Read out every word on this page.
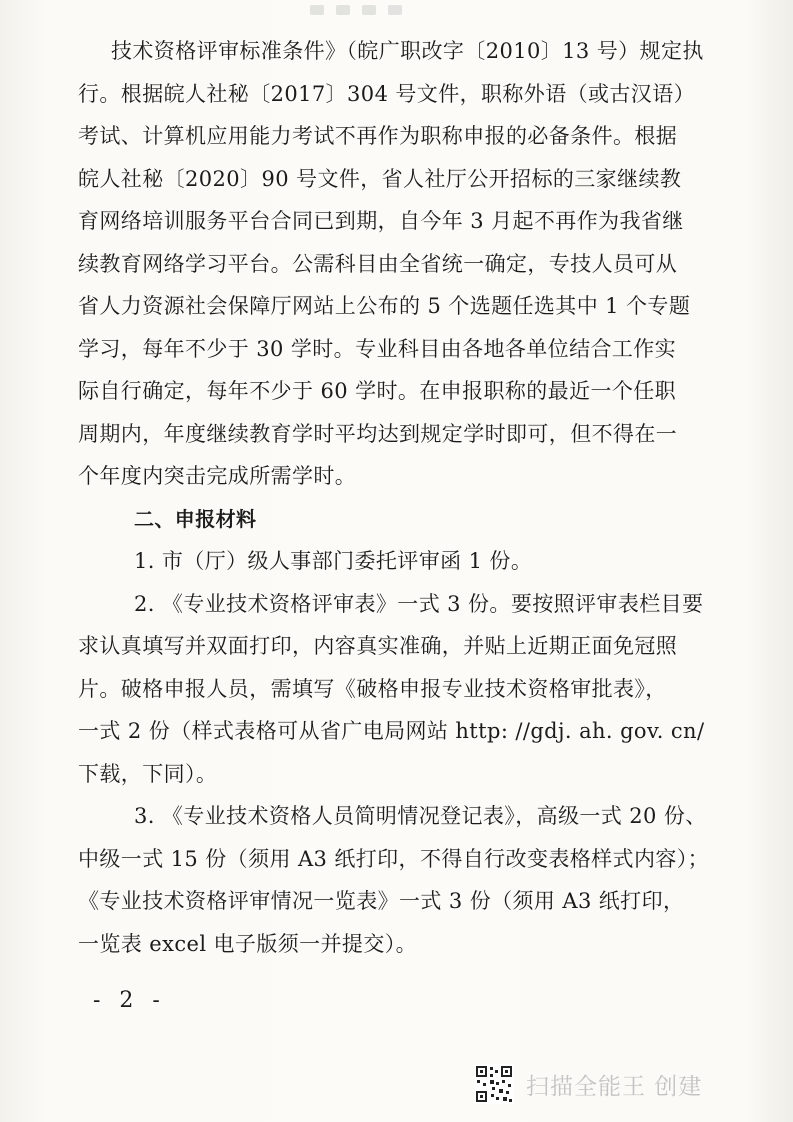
技术资格评审标准条件》（皖广职改字〔2010〕13 号）规定执
行。根据皖人社秘〔2017〕304 号文件，职称外语（或古汉语）
考试、计算机应用能力考试不再作为职称申报的必备条件。根据
皖人社秘〔2020〕90 号文件，省人社厅公开招标的三家继续教
育网络培训服务平台合同已到期，自今年 3 月起不再作为我省继
续教育网络学习平台。公需科目由全省统一确定，专技人员可从
省人力资源社会保障厅网站上公布的 5 个选题任选其中 1 个专题
学习，每年不少于 30 学时。专业科目由各地各单位结合工作实
际自行确定，每年不少于 60 学时。在申报职称的最近一个任职
周期内，年度继续教育学时平均达到规定学时即可，但不得在一
个年度内突击完成所需学时。
二、申报材料
1. 市（厅）级人事部门委托评审函 1 份。
2. 《专业技术资格评审表》一式 3 份。要按照评审表栏目要
求认真填写并双面打印，内容真实准确，并贴上近期正面免冠照
片。破格申报人员，需填写《破格申报专业技术资格审批表》，
一式 2 份（样式表格可从省广电局网站 http: //gdj. ah. gov. cn/
下载，下同）。
3. 《专业技术资格人员简明情况登记表》，高级一式 20 份、
中级一式 15 份（须用 A3 纸打印，不得自行改变表格样式内容）；
《专业技术资格评审情况一览表》一式 3 份（须用 A3 纸打印，
一览表 excel 电子版须一并提交）。
- 2 -
扫描全能王 创建
